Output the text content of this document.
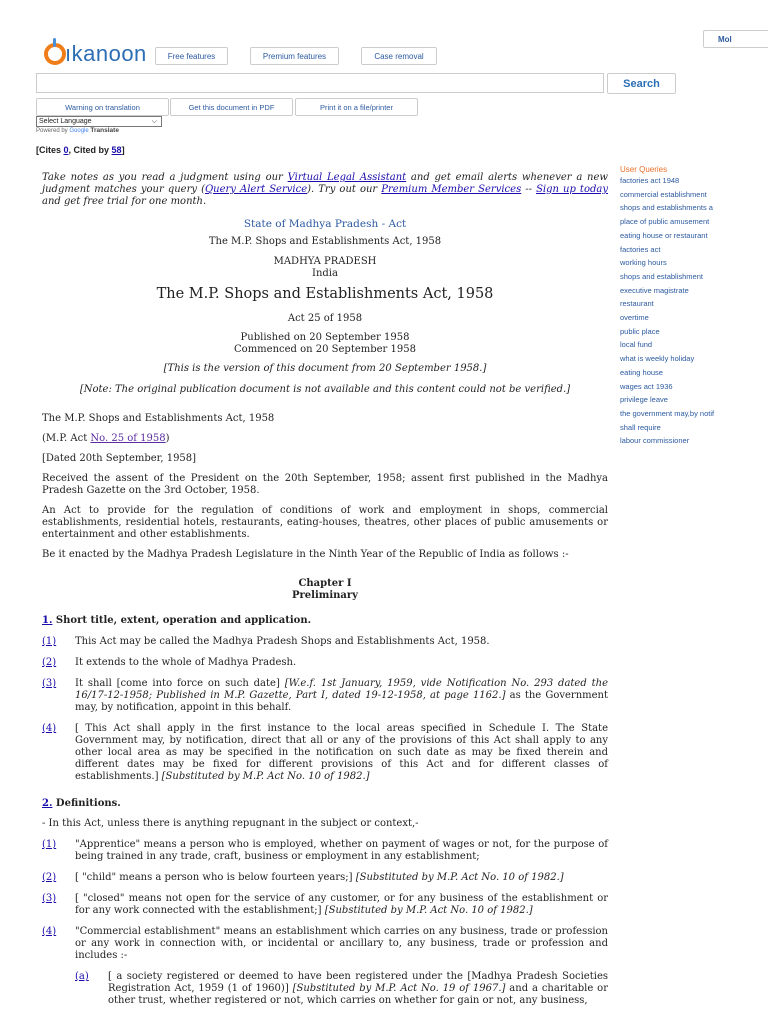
ıkanoon	Free features	Premium features	Case removal
Mol
Search
Warning on translation	Get this document in PDF	Print it on a file/printer
Select Language	⌵
Powered by Google Translate
[Cites 0, Cited by 58]
User Queries
factories act 1948
commercial establishment
shops and establishments a
place of public amusement
eating house or restaurant
factories act
working hours
shops and establishment
executive magistrate
restaurant
overtime
public place
local fund
what is weekly holiday
eating house
wages act 1936
privilege leave
the government may,by notif
shall require
labour commissioner

Take notes as you read a judgment using our Virtual Legal Assistant and get email alerts whenever a new judgment matches your query (Query Alert Service). Try out our Premium Member Services -- Sign up today and get free trial for one month.

State of Madhya Pradesh - Act

The M.P. Shops and Establishments Act, 1958

MADHYA PRADESH

India

The M.P. Shops and Establishments Act, 1958

Act 25 of 1958

Published on 20 September 1958

Commenced on 20 September 1958

[This is the version of this document from 20 September 1958.]

[Note: The original publication document is not available and this content could not be verified.]

The M.P. Shops and Establishments Act, 1958

(M.P. Act No. 25 of 1958)

[Dated 20th September, 1958]

Received the assent of the President on the 20th September, 1958; assent first published in the Madhya Pradesh Gazette on the 3rd October, 1958.

An Act to provide for the regulation of conditions of work and employment in shops, commercial establishments, residential hotels, restaurants, eating-houses, theatres, other places of public amusements or entertainment and other establishments.

Be it enacted by the Madhya Pradesh Legislature in the Ninth Year of the Republic of India as follows :-

Chapter I

Preliminary

1. Short title, extent, operation and application.

(1)	This Act may be called the Madhya Pradesh Shops and Establishments Act, 1958.
(2)	It extends to the whole of Madhya Pradesh.
(3)	It shall [come into force on such date] [W.e.f. 1st January, 1959, vide Notification No. 293 dated the 16/17-12-1958; Published in M.P. Gazette, Part I, dated 19-12-1958, at page 1162.] as the Government may, by notification, appoint in this behalf.
(4)	[ This Act shall apply in the first instance to the local areas specified in Schedule I. The State Government may, by notification, direct that all or any of the provisions of this Act shall apply to any other local area as may be specified in the notification on such date as may be fixed therein and different dates may be fixed for different provisions of this Act and for different classes of establishments.] [Substituted by M.P. Act No. 10 of 1982.]

2. Definitions.

- In this Act, unless there is anything repugnant in the subject or context,-

(1)	"Apprentice" means a person who is employed, whether on payment of wages or not, for the purpose of being trained in any trade, craft, business or employment in any establishment;
(2)	[ "child" means a person who is below fourteen years;] [Substituted by M.P. Act No. 10 of 1982.]
(3)	[ "closed" means not open for the service of any customer, or for any business of the establishment or for any work connected with the establishment;] [Substituted by M.P. Act No. 10 of 1982.]
(4)	"Commercial establishment" means an establishment which carries on any business, trade or profession or any work in connection with, or incidental or ancillary to, any business, trade or profession and includes :-
(a)	[ a society registered or deemed to have been registered under the [Madhya Pradesh Societies Registration Act, 1959 (1 of 1960)] [Substituted by M.P. Act No. 19 of 1967.] and a charitable or other trust, whether registered or not, which carries on whether for gain or not, any business,
